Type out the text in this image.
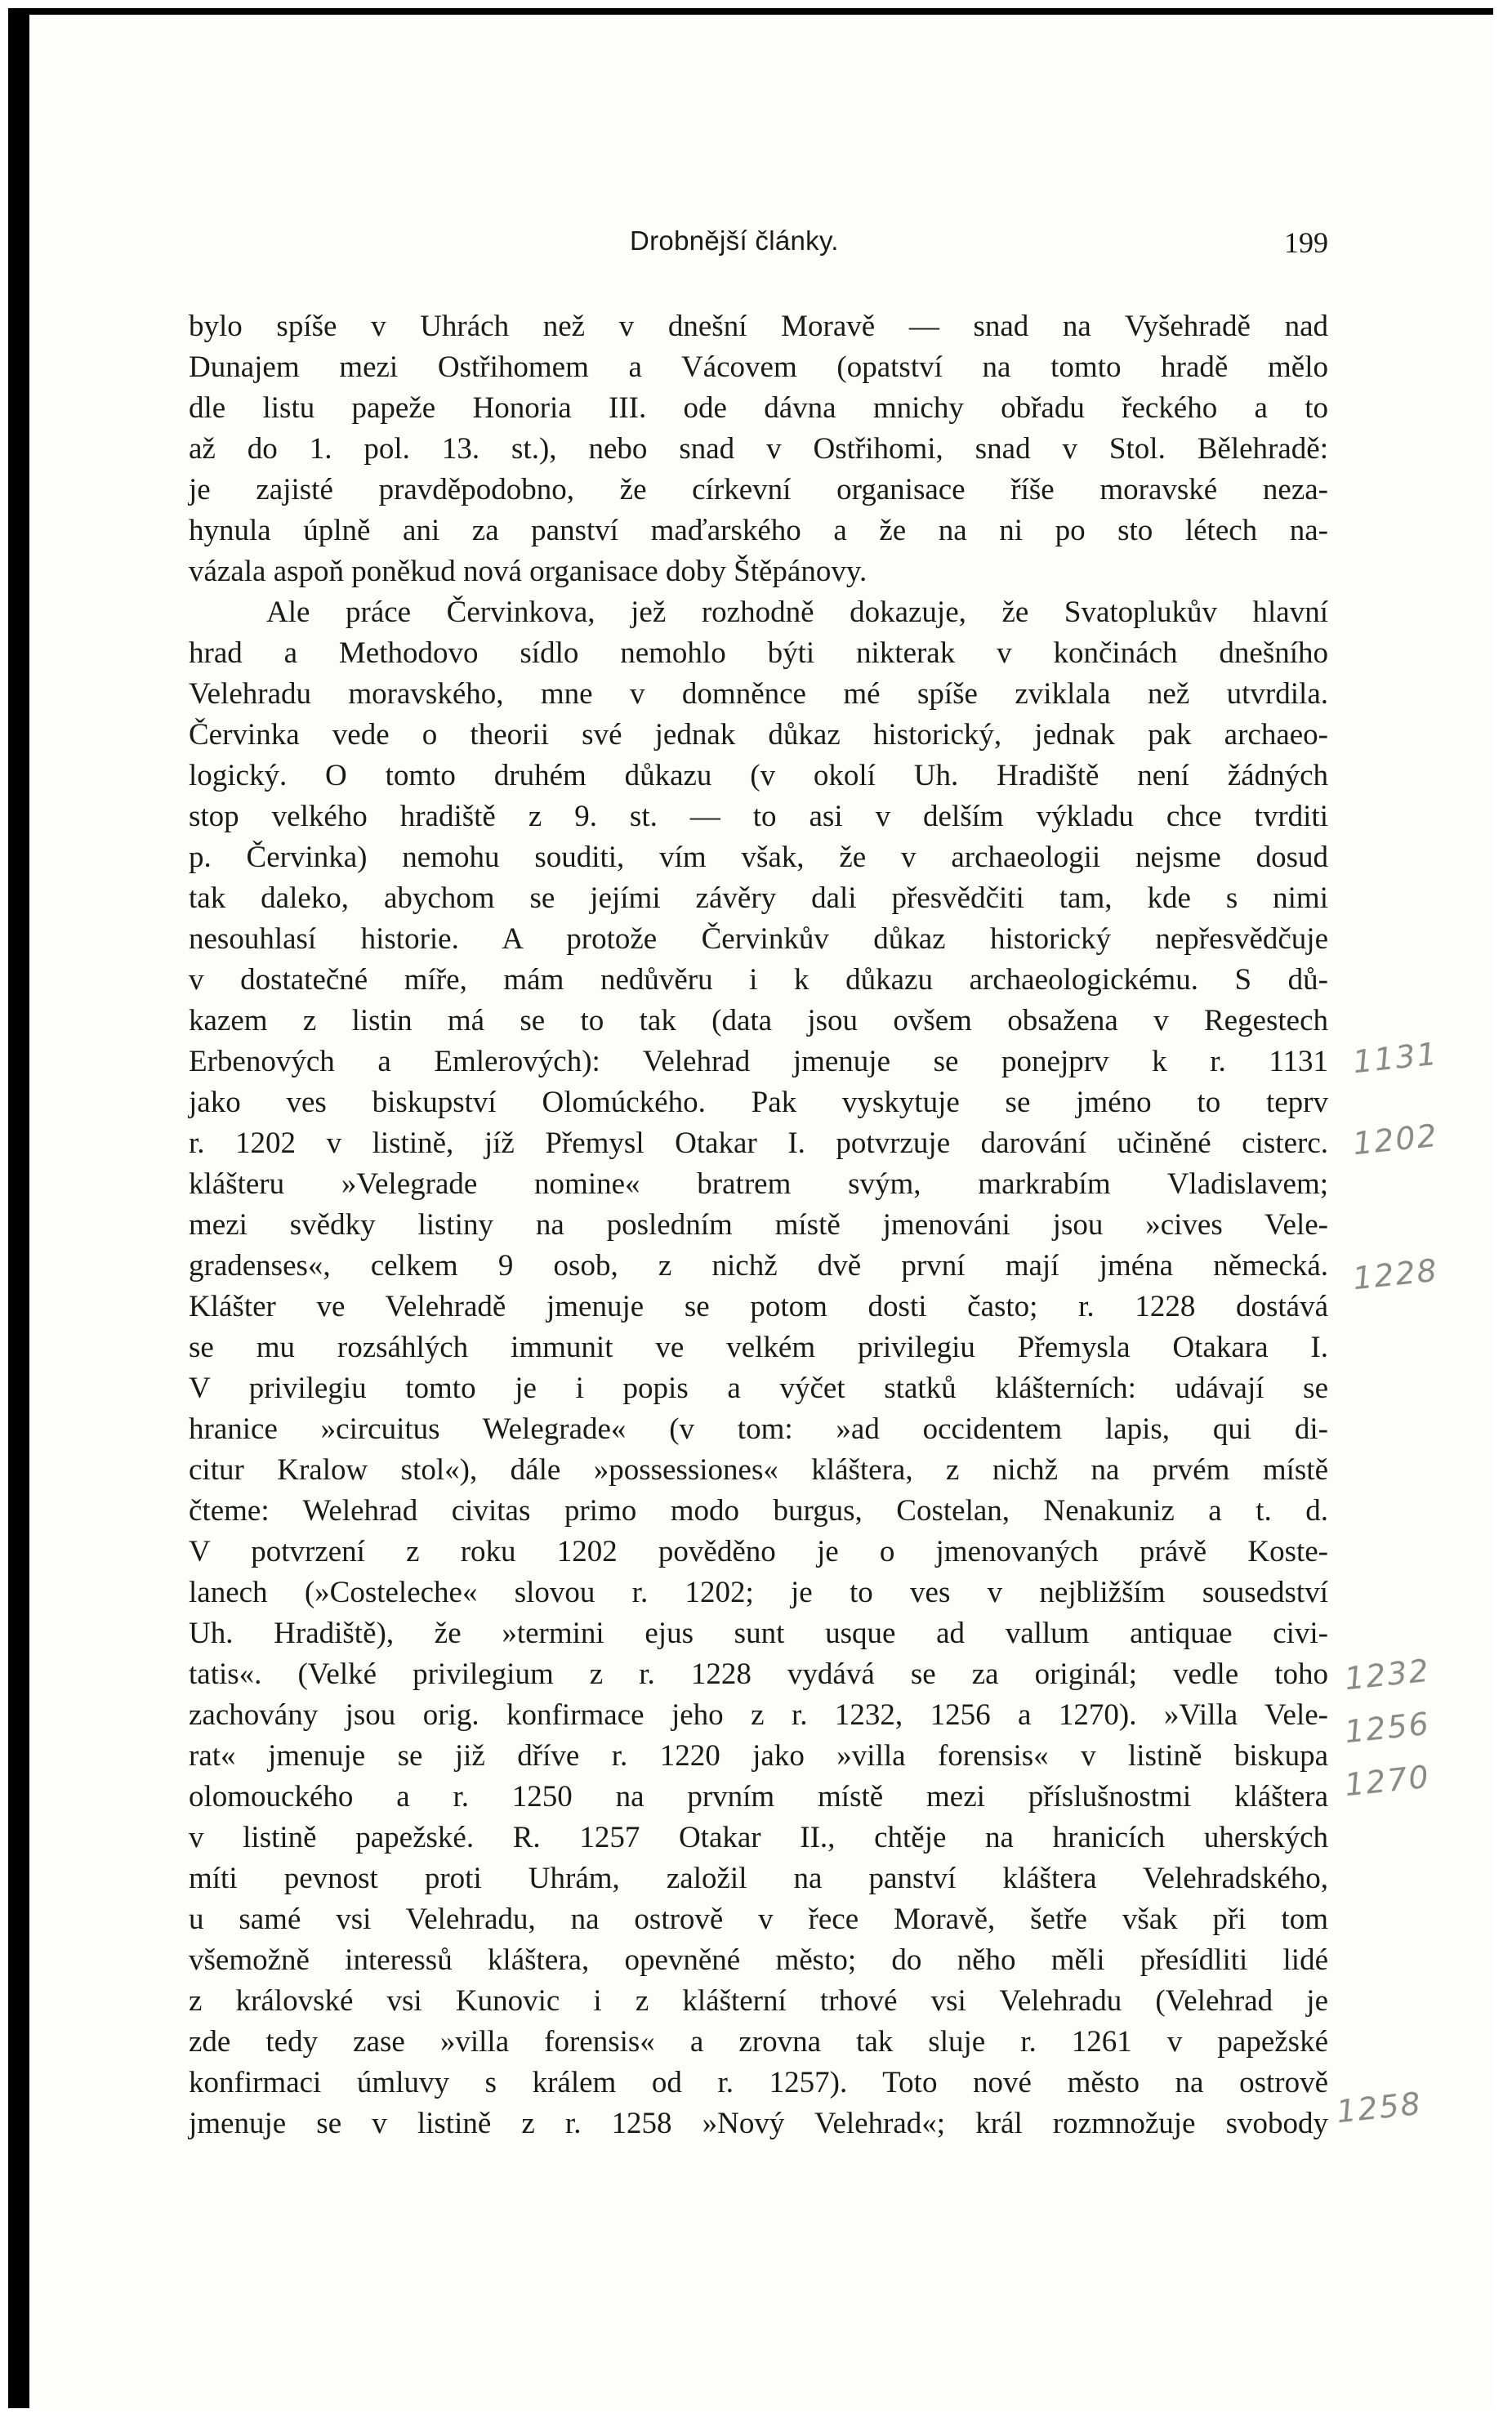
Drobnější články.	199
bylo spíše v Uhrách než v dnešní Moravě — snad na Vyšehradě nad
Dunajem mezi Ostřihomem a Vácovem (opatství na tomto hradě mělo
dle listu papeže Honoria III. ode dávna mnichy obřadu řeckého a to
až do 1. pol. 13. st.), nebo snad v Ostřihomi, snad v Stol. Bělehradě:
je zajisté pravděpodobno, že církevní organisace říše moravské neza-
hynula úplně ani za panství maďarského a že na ni po sto létech na-
vázala aspoň poněkud nová organisace doby Štěpánovy.
Ale práce Červinkova, jež rozhodně dokazuje, že Svatoplukův hlavní
hrad a Methodovo sídlo nemohlo býti nikterak v končinách dnešního
Velehradu moravského, mne v domněnce mé spíše zviklala než utvrdila.
Červinka vede o theorii své jednak důkaz historický, jednak pak archaeo-
logický. O tomto druhém důkazu (v okolí Uh. Hradiště není žádných
stop velkého hradiště z 9. st. — to asi v delším výkladu chce tvrditi
p. Červinka) nemohu souditi, vím však, že v archaeologii nejsme dosud
tak daleko, abychom se jejími závěry dali přesvědčiti tam, kde s nimi
nesouhlasí historie. A protože Červinkův důkaz historický nepřesvědčuje
v dostatečné míře, mám nedůvěru i k důkazu archaeologickému. S dů-
kazem z listin má se to tak (data jsou ovšem obsažena v Regestech
Erbenových a Emlerových): Velehrad jmenuje se ponejprv k r. 1131
jako ves biskupství Olomúckého. Pak vyskytuje se jméno to teprv
r. 1202 v listině, jíž Přemysl Otakar I. potvrzuje darování učiněné cisterc.
klášteru »Velegrade nomine« bratrem svým, markrabím Vladislavem;
mezi svědky listiny na posledním místě jmenováni jsou »cives Vele-
gradenses«, celkem 9 osob, z nichž dvě první mají jména německá.
Klášter ve Velehradě jmenuje se potom dosti často; r. 1228 dostává
se mu rozsáhlých immunit ve velkém privilegiu Přemysla Otakara I.
V privilegiu tomto je i popis a výčet statků klášterních: udávají se
hranice »circuitus Welegrade« (v tom: »ad occidentem lapis, qui di-
citur Kralow stol«), dále »possessiones« kláštera, z nichž na prvém místě
čteme: Welehrad civitas primo modo burgus, Costelan, Nenakuniz a t. d.
V potvrzení z roku 1202 pověděno je o jmenovaných právě Koste-
lanech (»Costeleche« slovou r. 1202; je to ves v nejbližším sousedství
Uh. Hradiště), že »termini ejus sunt usque ad vallum antiquae civi-
tatis«. (Velké privilegium z r. 1228 vydává se za originál; vedle toho
zachovány jsou orig. konfirmace jeho z r. 1232, 1256 a 1270). »Villa Vele-
rat« jmenuje se již dříve r. 1220 jako »villa forensis« v listině biskupa
olomouckého a r. 1250 na prvním místě mezi příslušnostmi kláštera
v listině papežské. R. 1257 Otakar II., chtěje na hranicích uherských
míti pevnost proti Uhrám, založil na panství kláštera Velehradského,
u samé vsi Velehradu, na ostrově v řece Moravě, šetře však při tom
všemožně interessů kláštera, opevněné město; do něho měli přesídliti lidé
z královské vsi Kunovic i z klášterní trhové vsi Velehradu (Velehrad je
zde tedy zase »villa forensis« a zrovna tak sluje r. 1261 v papežské
konfirmaci úmluvy s králem od r. 1257). Toto nové město na ostrově
jmenuje se v listině z r. 1258 »Nový Velehrad«; král rozmnožuje svobody
1131
1202
1228
1232
1256
1270
1258
